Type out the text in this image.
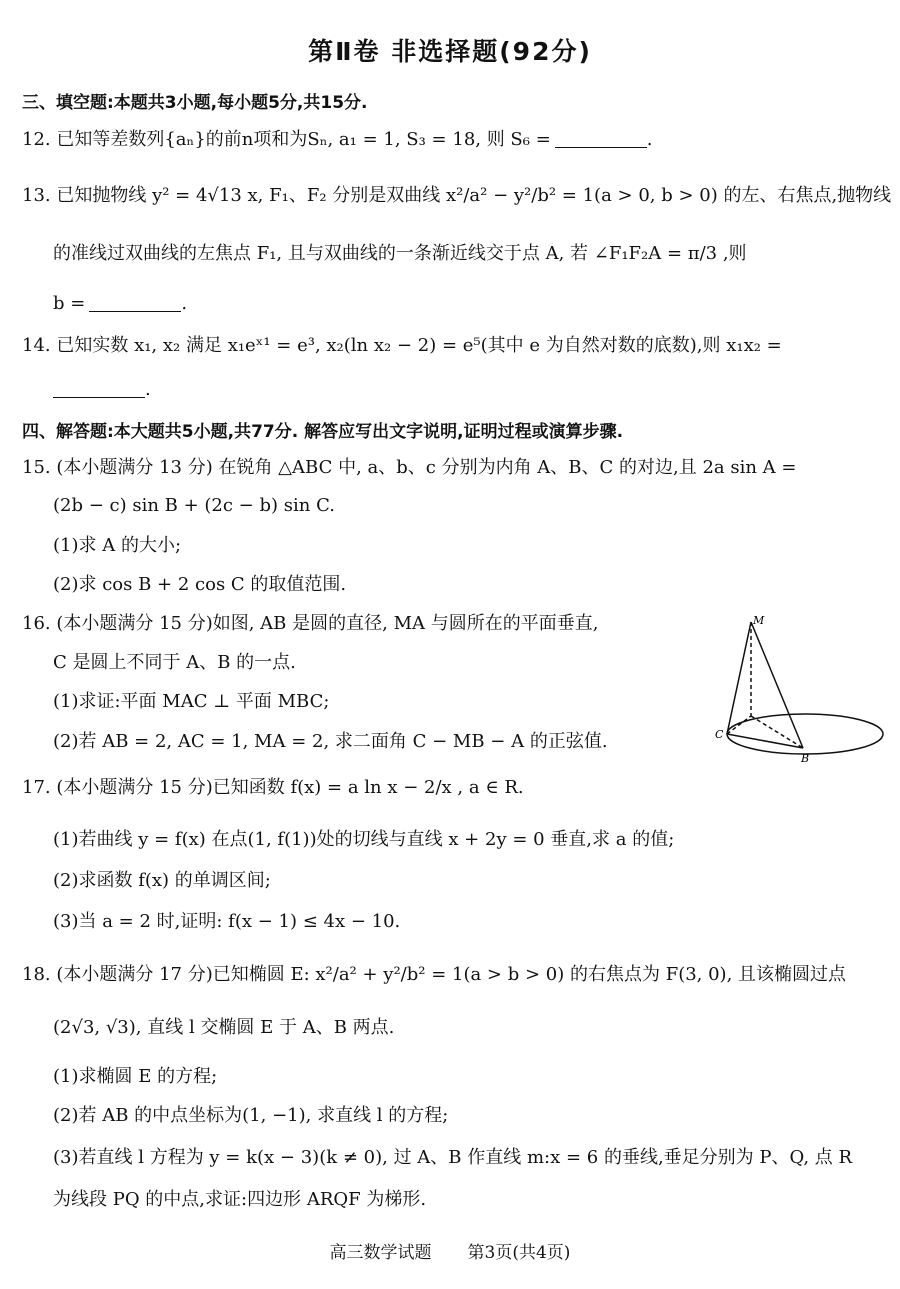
第Ⅱ卷 非选择题(92分)
三、填空题:本题共3小题,每小题5分,共15分.
12. 已知等差数列{aₙ}的前n项和为Sₙ, a₁ = 1, S₃ = 18, 则 S₆ =	.
13. 已知抛物线 y² = 4√13 x, F₁、F₂ 分别是双曲线 x²/a² − y²/b² = 1(a > 0, b > 0) 的左、右焦点,抛物线
的准线过双曲线的左焦点 F₁, 且与双曲线的一条渐近线交于点 A, 若 ∠F₁F₂A = π/3 ,则
b =	.
14. 已知实数 x₁, x₂ 满足 x₁eˣ¹ = e³, x₂(ln x₂ − 2) = e⁵(其中 e 为自然对数的底数),则 x₁x₂ =
.
四、解答题:本大题共5小题,共77分. 解答应写出文字说明,证明过程或演算步骤.
15. (本小题满分 13 分) 在锐角 △ABC 中, a、b、c 分别为内角 A、B、C 的对边,且 2a sin A =
(2b − c) sin B + (2c − b) sin C.
(1)求 A 的大小;
(2)求 cos B + 2 cos C 的取值范围.
16. (本小题满分 15 分)如图, AB 是圆的直径, MA 与圆所在的平面垂直,
C 是圆上不同于 A、B 的一点.
(1)求证:平面 MAC ⊥ 平面 MBC;
(2)若 AB = 2, AC = 1, MA = 2, 求二面角 C − MB − A 的正弦值.
M
C
B
17. (本小题满分 15 分)已知函数 f(x) = a ln x − 2/x , a ∈ R.
(1)若曲线 y = f(x) 在点(1, f(1))处的切线与直线 x + 2y = 0 垂直,求 a 的值;
(2)求函数 f(x) 的单调区间;
(3)当 a = 2 时,证明: f(x − 1) ≤ 4x − 10.
18. (本小题满分 17 分)已知椭圆 E: x²/a² + y²/b² = 1(a > b > 0) 的右焦点为 F(3, 0), 且该椭圆过点
(2√3, √3), 直线 l 交椭圆 E 于 A、B 两点.
(1)求椭圆 E 的方程;
(2)若 AB 的中点坐标为(1, −1), 求直线 l 的方程;
(3)若直线 l 方程为 y = k(x − 3)(k ≠ 0), 过 A、B 作直线 m:x = 6 的垂线,垂足分别为 P、Q, 点 R
为线段 PQ 的中点,求证:四边形 ARQF 为梯形.
高三数学试题 第3页(共4页)
